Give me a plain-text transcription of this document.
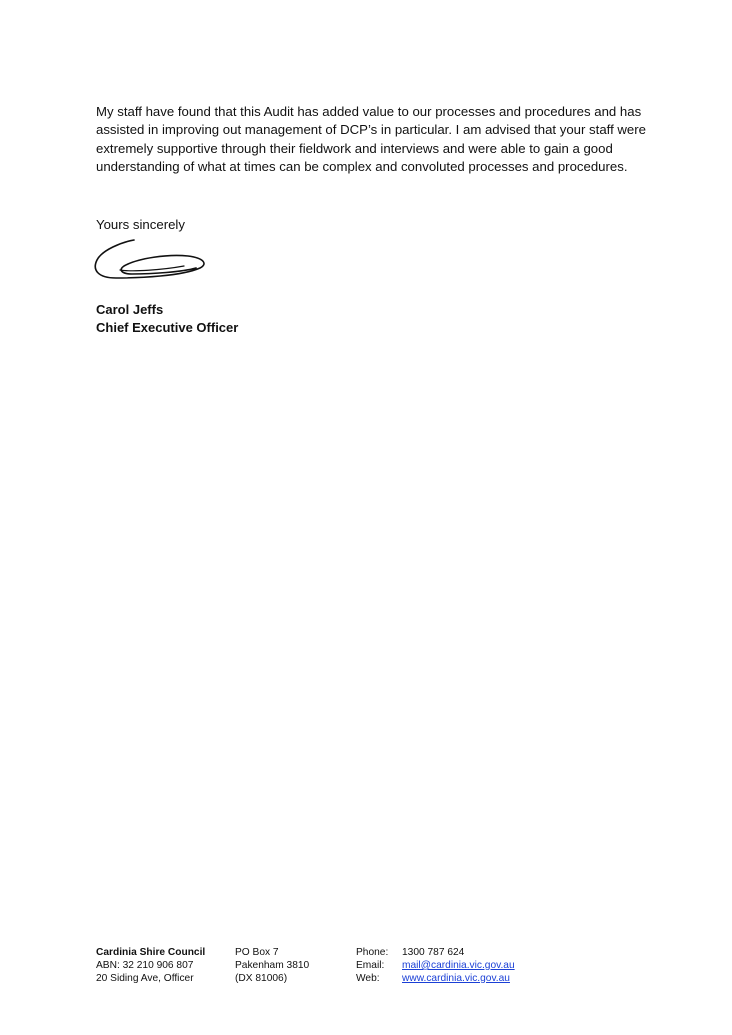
My staff have found that this Audit has added value to our processes and procedures and has assisted in improving out management of DCP’s in particular. I am advised that your staff were extremely supportive through their fieldwork and interviews and were able to gain a good understanding of what at times can be complex and convoluted processes and procedures.

Yours sincerely
Carol Jeffs
Chief Executive Officer
Cardinia Shire Council
ABN: 32 210 906 807
20 Siding Ave, Officer
PO Box 7
Pakenham 3810
(DX 81006)
Phone:
Email:
Web:
1300 787 624
mail@cardinia.vic.gov.au
www.cardinia.vic.gov.au
